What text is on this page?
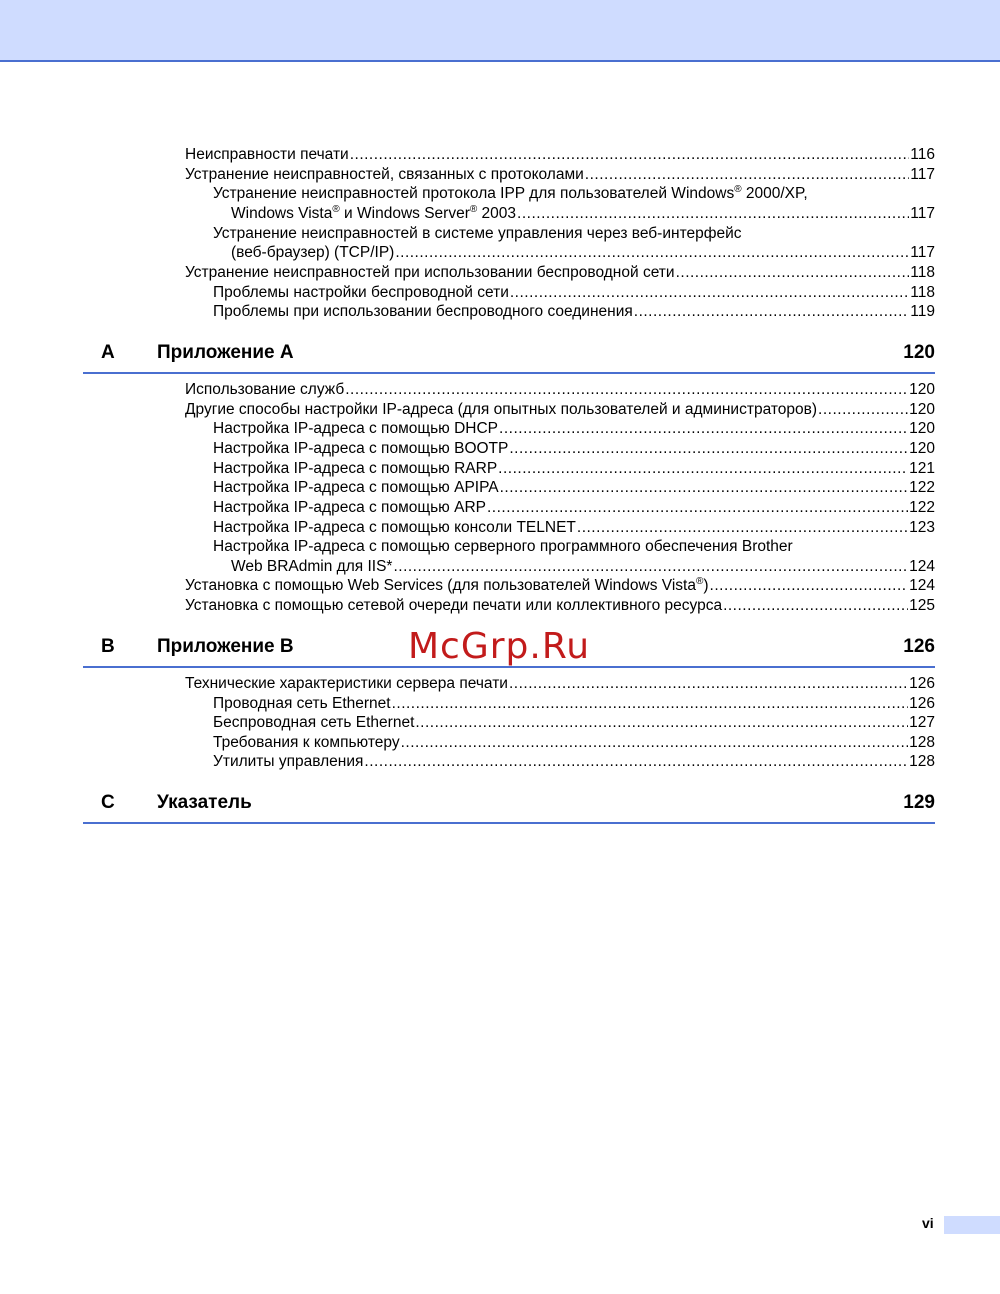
Неисправности печати .....	116
Устранение неисправностей, связанных с протоколами .....	117
Устранение неисправностей протокола IPP для пользователей Windows® 2000/XP,
Windows Vista® и Windows Server® 2003 .....	117
Устранение неисправностей в системе управления через веб-интерфейс
(веб-браузер) (TCP/IP) .....	117
Устранение неисправностей при использовании беспроводной сети .....	118
Проблемы настройки беспроводной сети .....	118
Проблемы при использовании беспроводного соединения .....	119
A Приложение A	120
Использование служб .....	120
Другие способы настройки IP-адреса (для опытных пользователей и администраторов) .....	120
Настройка IP-адреса с помощью DHCP .....	120
Настройка IP-адреса с помощью BOOTP .....	120
Настройка IP-адреса с помощью RARP .....	121
Настройка IP-адреса с помощью APIPA .....	122
Настройка IP-адреса с помощью ARP .....	122
Настройка IP-адреса с помощью консоли TELNET .....	123
Настройка IP-адреса с помощью серверного программного обеспечения Brother
Web BRAdmin для IIS* .....	124
Установка с помощью Web Services (для пользователей Windows Vista®) .....	124
Установка с помощью сетевой очереди печати или коллективного ресурса .....	125
B Приложение B	126
McGrp.Ru
Технические характеристики сервера печати .....	126
Проводная сеть Ethernet .....	126
Беспроводная сеть Ethernet .....	127
Требования к компьютеру .....	128
Утилиты управления .....	128
C Указатель	129
vi
